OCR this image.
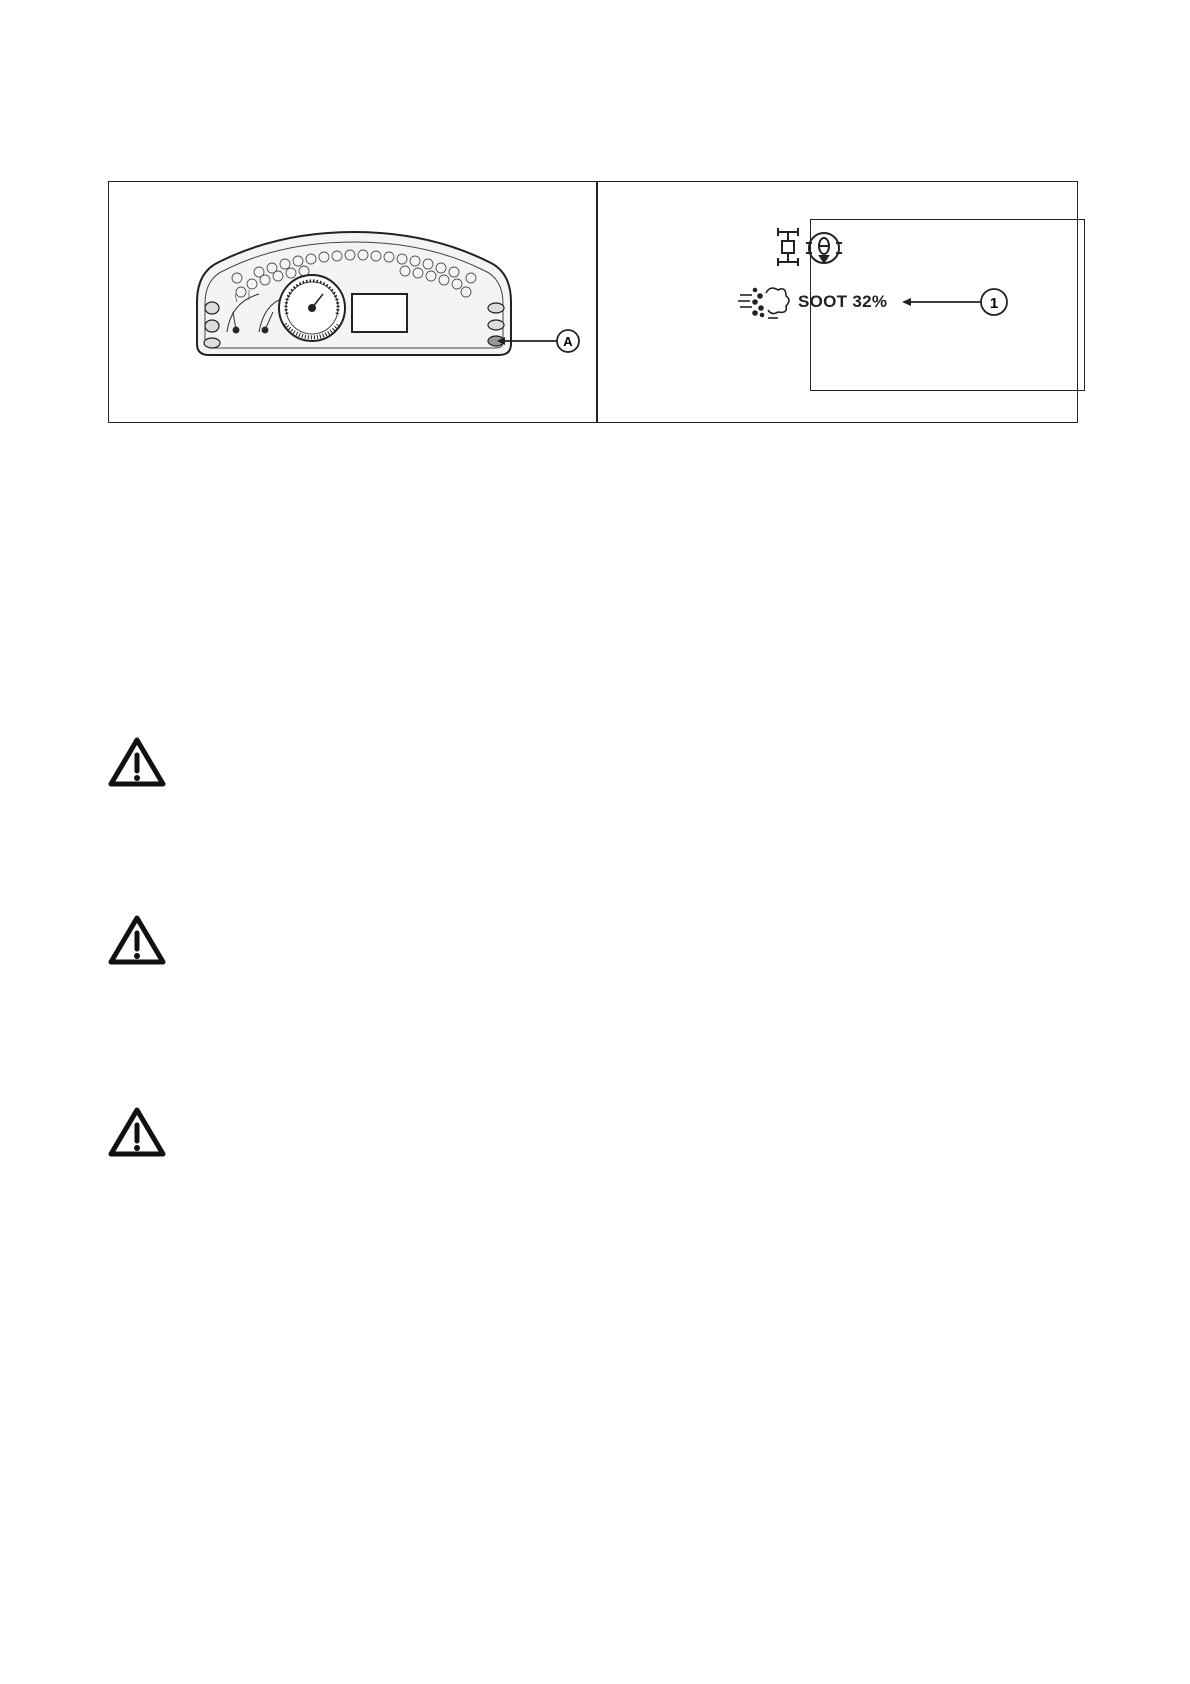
A
1
SOOT 32%
